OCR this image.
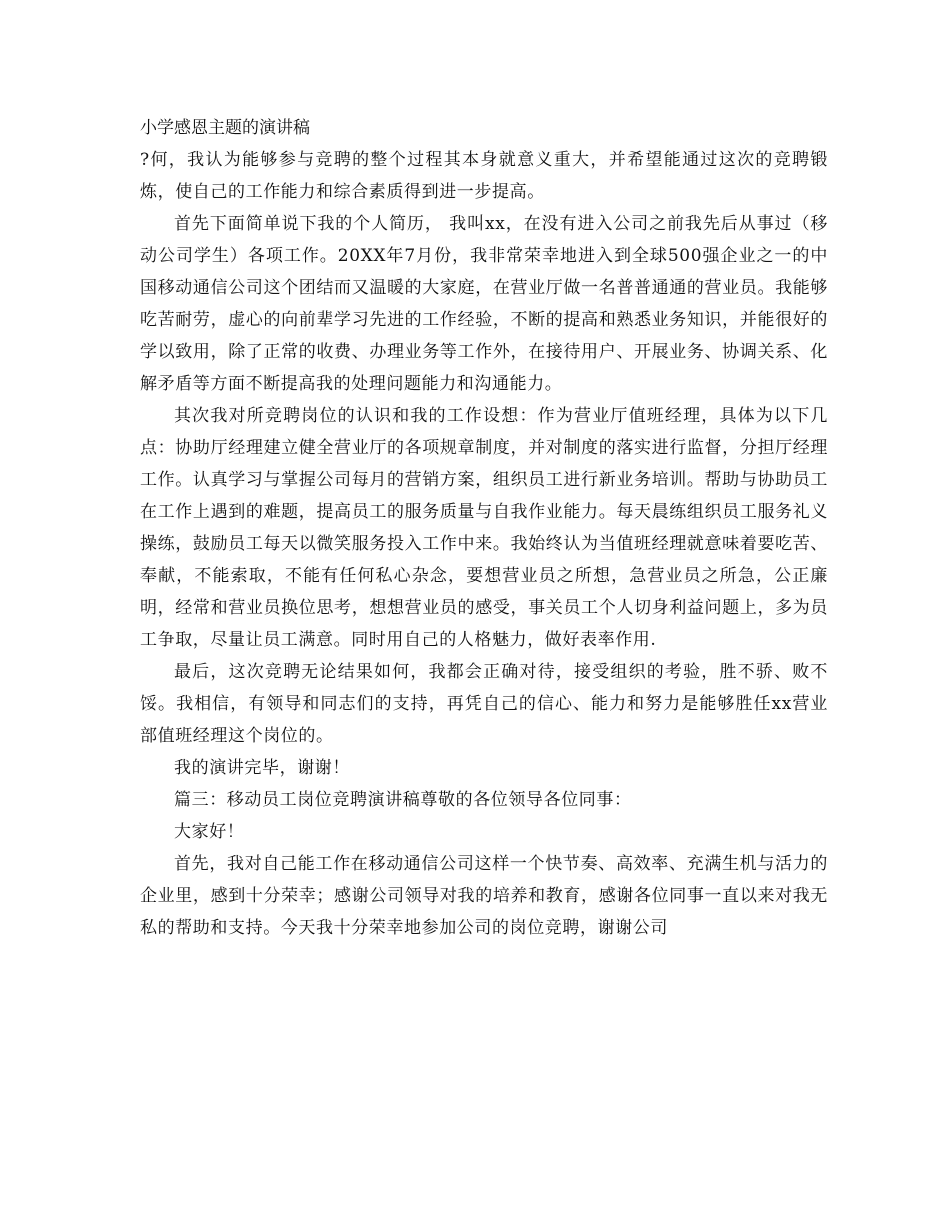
小学感恩主题的演讲稿

?何，我认为能够参与竞聘的整个过程其本身就意义重大，并希望能通过这次的竞聘锻炼，使自己的工作能力和综合素质得到进一步提高。

首先下面简单说下我的个人简历， 我叫xx，在没有进入公司之前我先后从事过（移动公司学生）各项工作。20XX年7月份，我非常荣幸地进入到全球500强企业之一的中国移动通信公司这个团结而又温暖的大家庭，在营业厅做一名普普通通的营业员。我能够吃苦耐劳，虚心的向前辈学习先进的工作经验，不断的提高和熟悉业务知识，并能很好的学以致用，除了正常的收费、办理业务等工作外，在接待用户、开展业务、协调关系、化解矛盾等方面不断提高我的处理问题能力和沟通能力。

其次我对所竞聘岗位的认识和我的工作设想：作为营业厅值班经理，具体为以下几点：协助厅经理建立健全营业厅的各项规章制度，并对制度的落实进行监督，分担厅经理工作。认真学习与掌握公司每月的营销方案，组织员工进行新业务培训。帮助与协助员工在工作上遇到的难题，提高员工的服务质量与自我作业能力。每天晨练组织员工服务礼义操练，鼓励员工每天以微笑服务投入工作中来。我始终认为当值班经理就意味着要吃苦、奉献，不能索取，不能有任何私心杂念，要想营业员之所想，急营业员之所急，公正廉明，经常和营业员换位思考，想想营业员的感受，事关员工个人切身利益问题上，多为员工争取，尽量让员工满意。同时用自己的人格魅力，做好表率作用.

最后，这次竞聘无论结果如何，我都会正确对待，接受组织的考验，胜不骄、败不馁。我相信，有领导和同志们的支持，再凭自己的信心、能力和努力是能够胜任xx营业部值班经理这个岗位的。

我的演讲完毕，谢谢！

篇三：移动员工岗位竞聘演讲稿尊敬的各位领导各位同事：

大家好！

首先，我对自己能工作在移动通信公司这样一个快节奏、高效率、充满生机与活力的企业里，感到十分荣幸；感谢公司领导对我的培养和教育，感谢各位同事一直以来对我无私的帮助和支持。今天我十分荣幸地参加公司的岗位竞聘，谢谢公司
